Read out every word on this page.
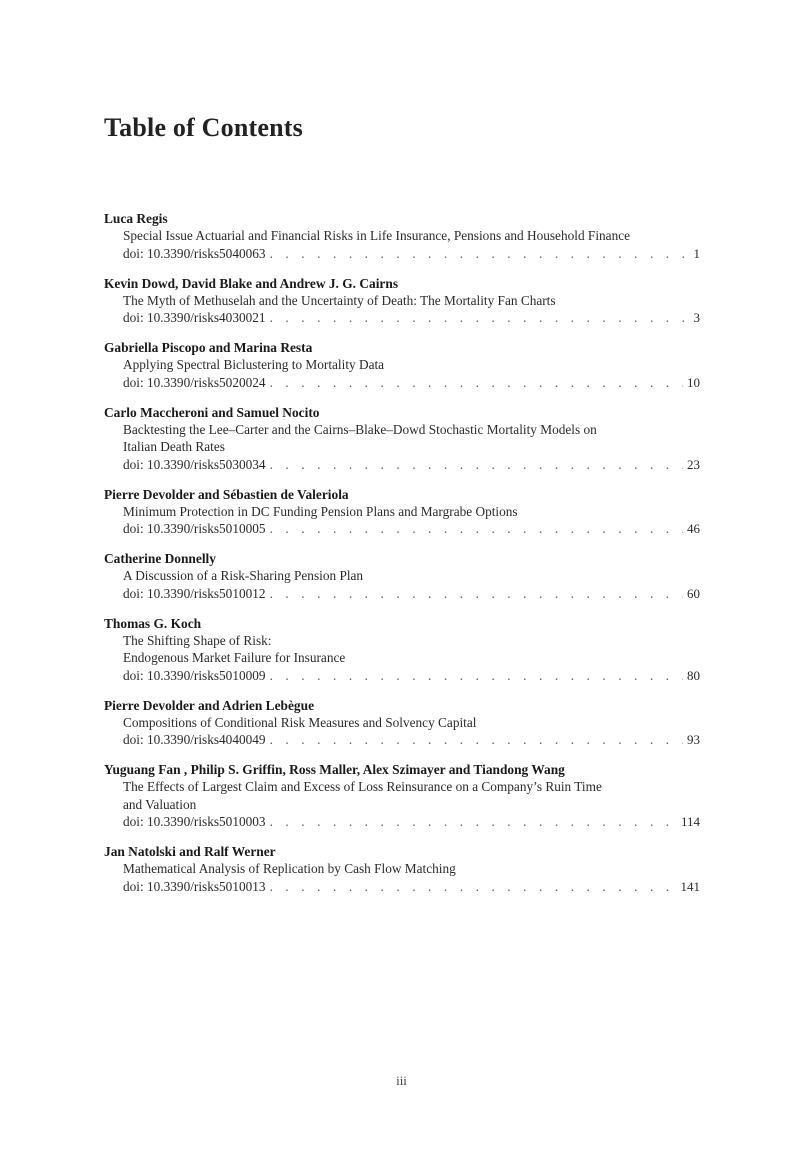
Table of Contents
Luca Regis
Special Issue Actuarial and Financial Risks in Life Insurance, Pensions and Household Finance
doi: 10.3390/risks5040063 . . .	1
Kevin Dowd, David Blake and Andrew J. G. Cairns
The Myth of Methuselah and the Uncertainty of Death: The Mortality Fan Charts
doi: 10.3390/risks4030021 . . .	3
Gabriella Piscopo and Marina Resta
Applying Spectral Biclustering to Mortality Data
doi: 10.3390/risks5020024 . . .	10
Carlo Maccheroni and Samuel Nocito
Backtesting the Lee–Carter and the Cairns–Blake–Dowd Stochastic Mortality Models on
Italian Death Rates
doi: 10.3390/risks5030034 . . .	23
Pierre Devolder and Sébastien de Valeriola
Minimum Protection in DC Funding Pension Plans and Margrabe Options
doi: 10.3390/risks5010005 . . .	46
Catherine Donnelly
A Discussion of a Risk-Sharing Pension Plan
doi: 10.3390/risks5010012 . . .	60
Thomas G. Koch
The Shifting Shape of Risk:
Endogenous Market Failure for Insurance
doi: 10.3390/risks5010009 . . .	80
Pierre Devolder and Adrien Lebègue
Compositions of Conditional Risk Measures and Solvency Capital
doi: 10.3390/risks4040049 . . .	93
Yuguang Fan , Philip S. Griffin, Ross Maller, Alex Szimayer and Tiandong Wang
The Effects of Largest Claim and Excess of Loss Reinsurance on a Company’s Ruin Time
and Valuation
doi: 10.3390/risks5010003 . . .	114
Jan Natolski and Ralf Werner
Mathematical Analysis of Replication by Cash Flow Matching
doi: 10.3390/risks5010013 . . .	141
iii
